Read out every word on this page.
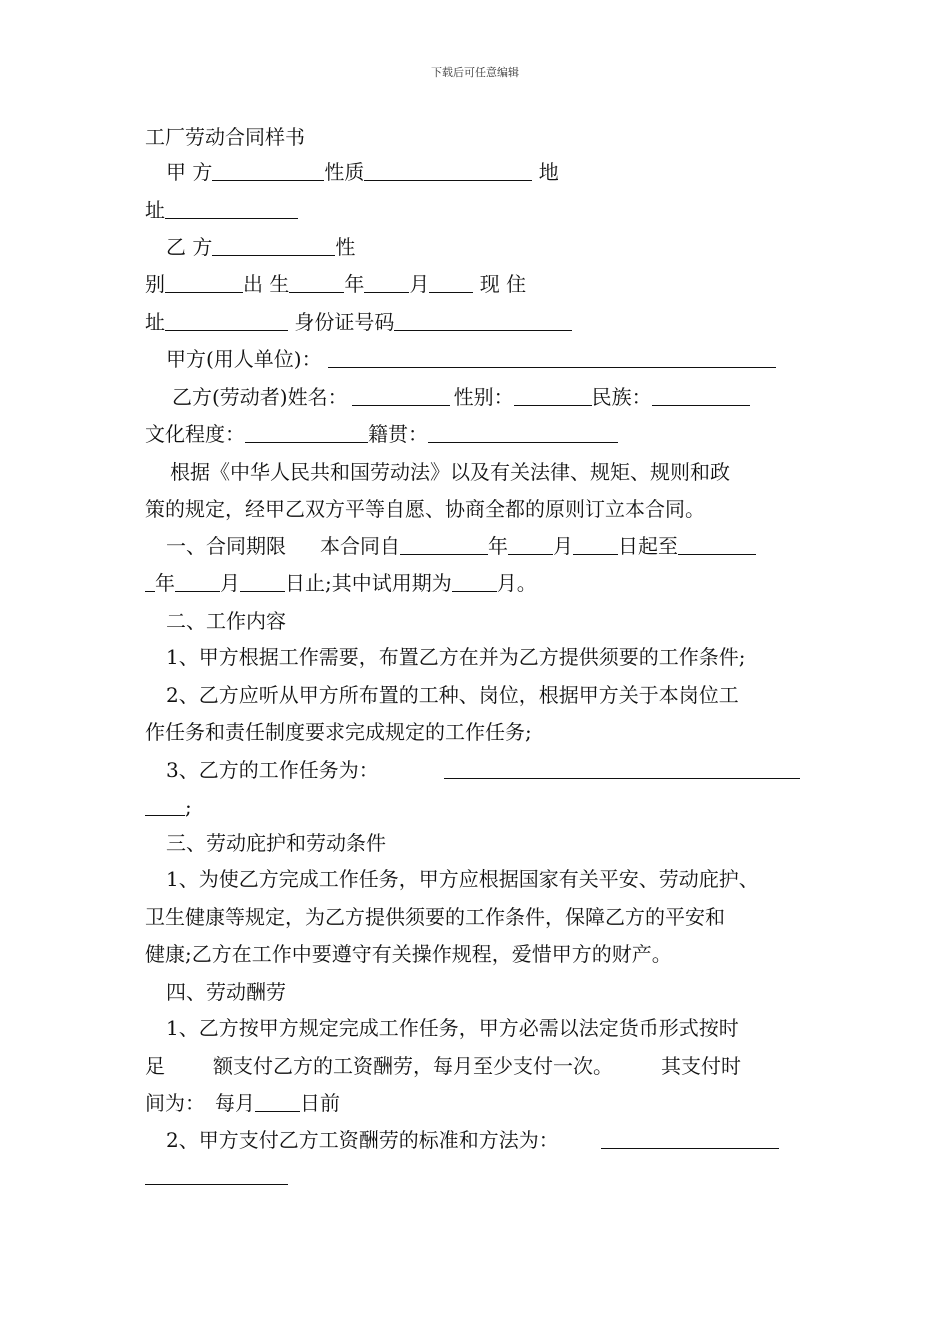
下载后可任意编辑
工厂劳动合同样书
甲 方	性质	地
址
乙 方	性
别	出 生	年 月 现 住
址	身份证号码
甲方(用人单位)：
乙方(劳动者)姓名：	性别：	民族：
文化程度：	籍贯：
根据《中华人民共和国劳动法》以及有关法律、规矩、规则和政
策的规定，经甲乙双方平等自愿、协商全都的原则订立本合同。
一、合同期限 本合同自	年 月 日起至
年 月 日止;其中试用期为 月。
二、工作内容
1、甲方根据工作需要，布置乙方在并为乙方提供须要的工作条件;
2、乙方应听从甲方所布置的工种、岗位，根据甲方关于本岗位工
作任务和责任制度要求完成规定的工作任务;
3、乙方的工作任务为：
;
三、劳动庇护和劳动条件
1、为使乙方完成工作任务，甲方应根据国家有关平安、劳动庇护、
卫生健康等规定，为乙方提供须要的工作条件，保障乙方的平安和
健康;乙方在工作中要遵守有关操作规程，爱惜甲方的财产。
四、劳动酬劳
1、乙方按甲方规定完成工作任务，甲方必需以法定货币形式按时
足 额支付乙方的工资酬劳，每月至少支付一次。 其支付时
间为： 每月 日前
2、甲方支付乙方工资酬劳的标准和方法为：
